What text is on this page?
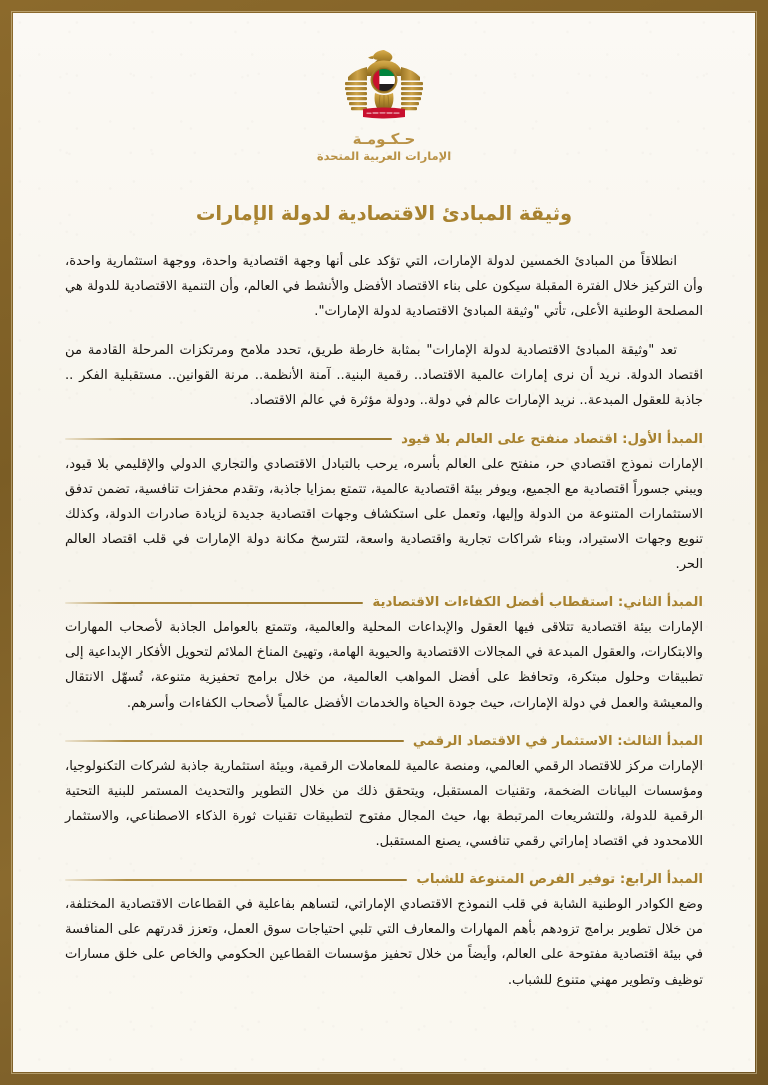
حـكـومـة
الإمارات العربية المتحدة
وثيقة المبادئ الاقتصادية لدولة الإمارات

انطلاقاً من المبادئ الخمسين لدولة الإمارات، التي تؤكد على أنها وجهة اقتصادية واحدة، ووجهة استثمارية واحدة، وأن التركيز خلال الفترة المقبلة سيكون على بناء الاقتصاد الأفضل والأنشط في العالم، وأن التنمية الاقتصادية للدولة هي المصلحة الوطنية الأعلى، تأتي "وثيقة المبادئ الاقتصادية لدولة الإمارات".

تعد "وثيقة المبادئ الاقتصادية لدولة الإمارات" بمثابة خارطة طريق، تحدد ملامح ومرتكزات المرحلة القادمة من اقتصاد الدولة. نريد أن نرى إمارات عالمية الاقتصاد.. رقمية البنية.. آمنة الأنظمة.. مرنة القوانين.. مستقبلية الفكر .. جاذبة للعقول المبدعة.. نريد الإمارات عالم في دولة.. ودولة مؤثرة في عالم الاقتصاد.

المبدأ الأول: اقتصاد منفتح على العالم بلا قيود

الإمارات نموذج اقتصادي حر، منفتح على العالم بأسره، يرحب بالتبادل الاقتصادي والتجاري الدولي والإقليمي بلا قيود، ويبني جسوراً اقتصادية مع الجميع، ويوفر بيئة اقتصادية عالمية، تتمتع بمزايا جاذبة، وتقدم محفزات تنافسية، تضمن تدفق الاستثمارات المتنوعة من الدولة وإليها، وتعمل على استكشاف وجهات اقتصادية جديدة لزيادة صادرات الدولة، وكذلك تنويع وجهات الاستيراد، وبناء شراكات تجارية واقتصادية واسعة، لتترسخ مكانة دولة الإمارات في قلب اقتصاد العالم الحر.

المبدأ الثاني: استقطاب أفضل الكفاءات الاقتصادية

الإمارات بيئة اقتصادية تتلاقى فيها العقول والإبداعات المحلية والعالمية، وتتمتع بالعوامل الجاذبة لأصحاب المهارات والابتكارات، والعقول المبدعة في المجالات الاقتصادية والحيوية الهامة، وتهيئ المناخ الملائم لتحويل الأفكار الإبداعية إلى تطبيقات وحلول مبتكرة، وتحافظ على أفضل المواهب العالمية، من خلال برامج تحفيزية متنوعة، تُسهّل الانتقال والمعيشة والعمل في دولة الإمارات، حيث جودة الحياة والخدمات الأفضل عالمياً لأصحاب الكفاءات وأسرهم.

المبدأ الثالث: الاستثمار في الاقتصاد الرقمي

الإمارات مركز للاقتصاد الرقمي العالمي، ومنصة عالمية للمعاملات الرقمية، وبيئة استثمارية جاذبة لشركات التكنولوجيا، ومؤسسات البيانات الضخمة، وتقنيات المستقبل، ويتحقق ذلك من خلال التطوير والتحديث المستمر للبنية التحتية الرقمية للدولة، وللتشريعات المرتبطة بها، حيث المجال مفتوح لتطبيقات تقنيات ثورة الذكاء الاصطناعي، والاستثمار اللامحدود في اقتصاد إماراتي رقمي تنافسي، يصنع المستقبل.

المبدأ الرابع: توفير الفرص المتنوعة للشباب

وضع الكوادر الوطنية الشابة في قلب النموذج الاقتصادي الإماراتي، لتساهم بفاعلية في القطاعات الاقتصادية المختلفة، من خلال تطوير برامج تزودهم بأهم المهارات والمعارف التي تلبي احتياجات سوق العمل، وتعزز قدرتهم على المنافسة في بيئة اقتصادية مفتوحة على العالم، وأيضاً من خلال تحفيز مؤسسات القطاعين الحكومي والخاص على خلق مسارات توظيف وتطوير مهني متنوع للشباب.
